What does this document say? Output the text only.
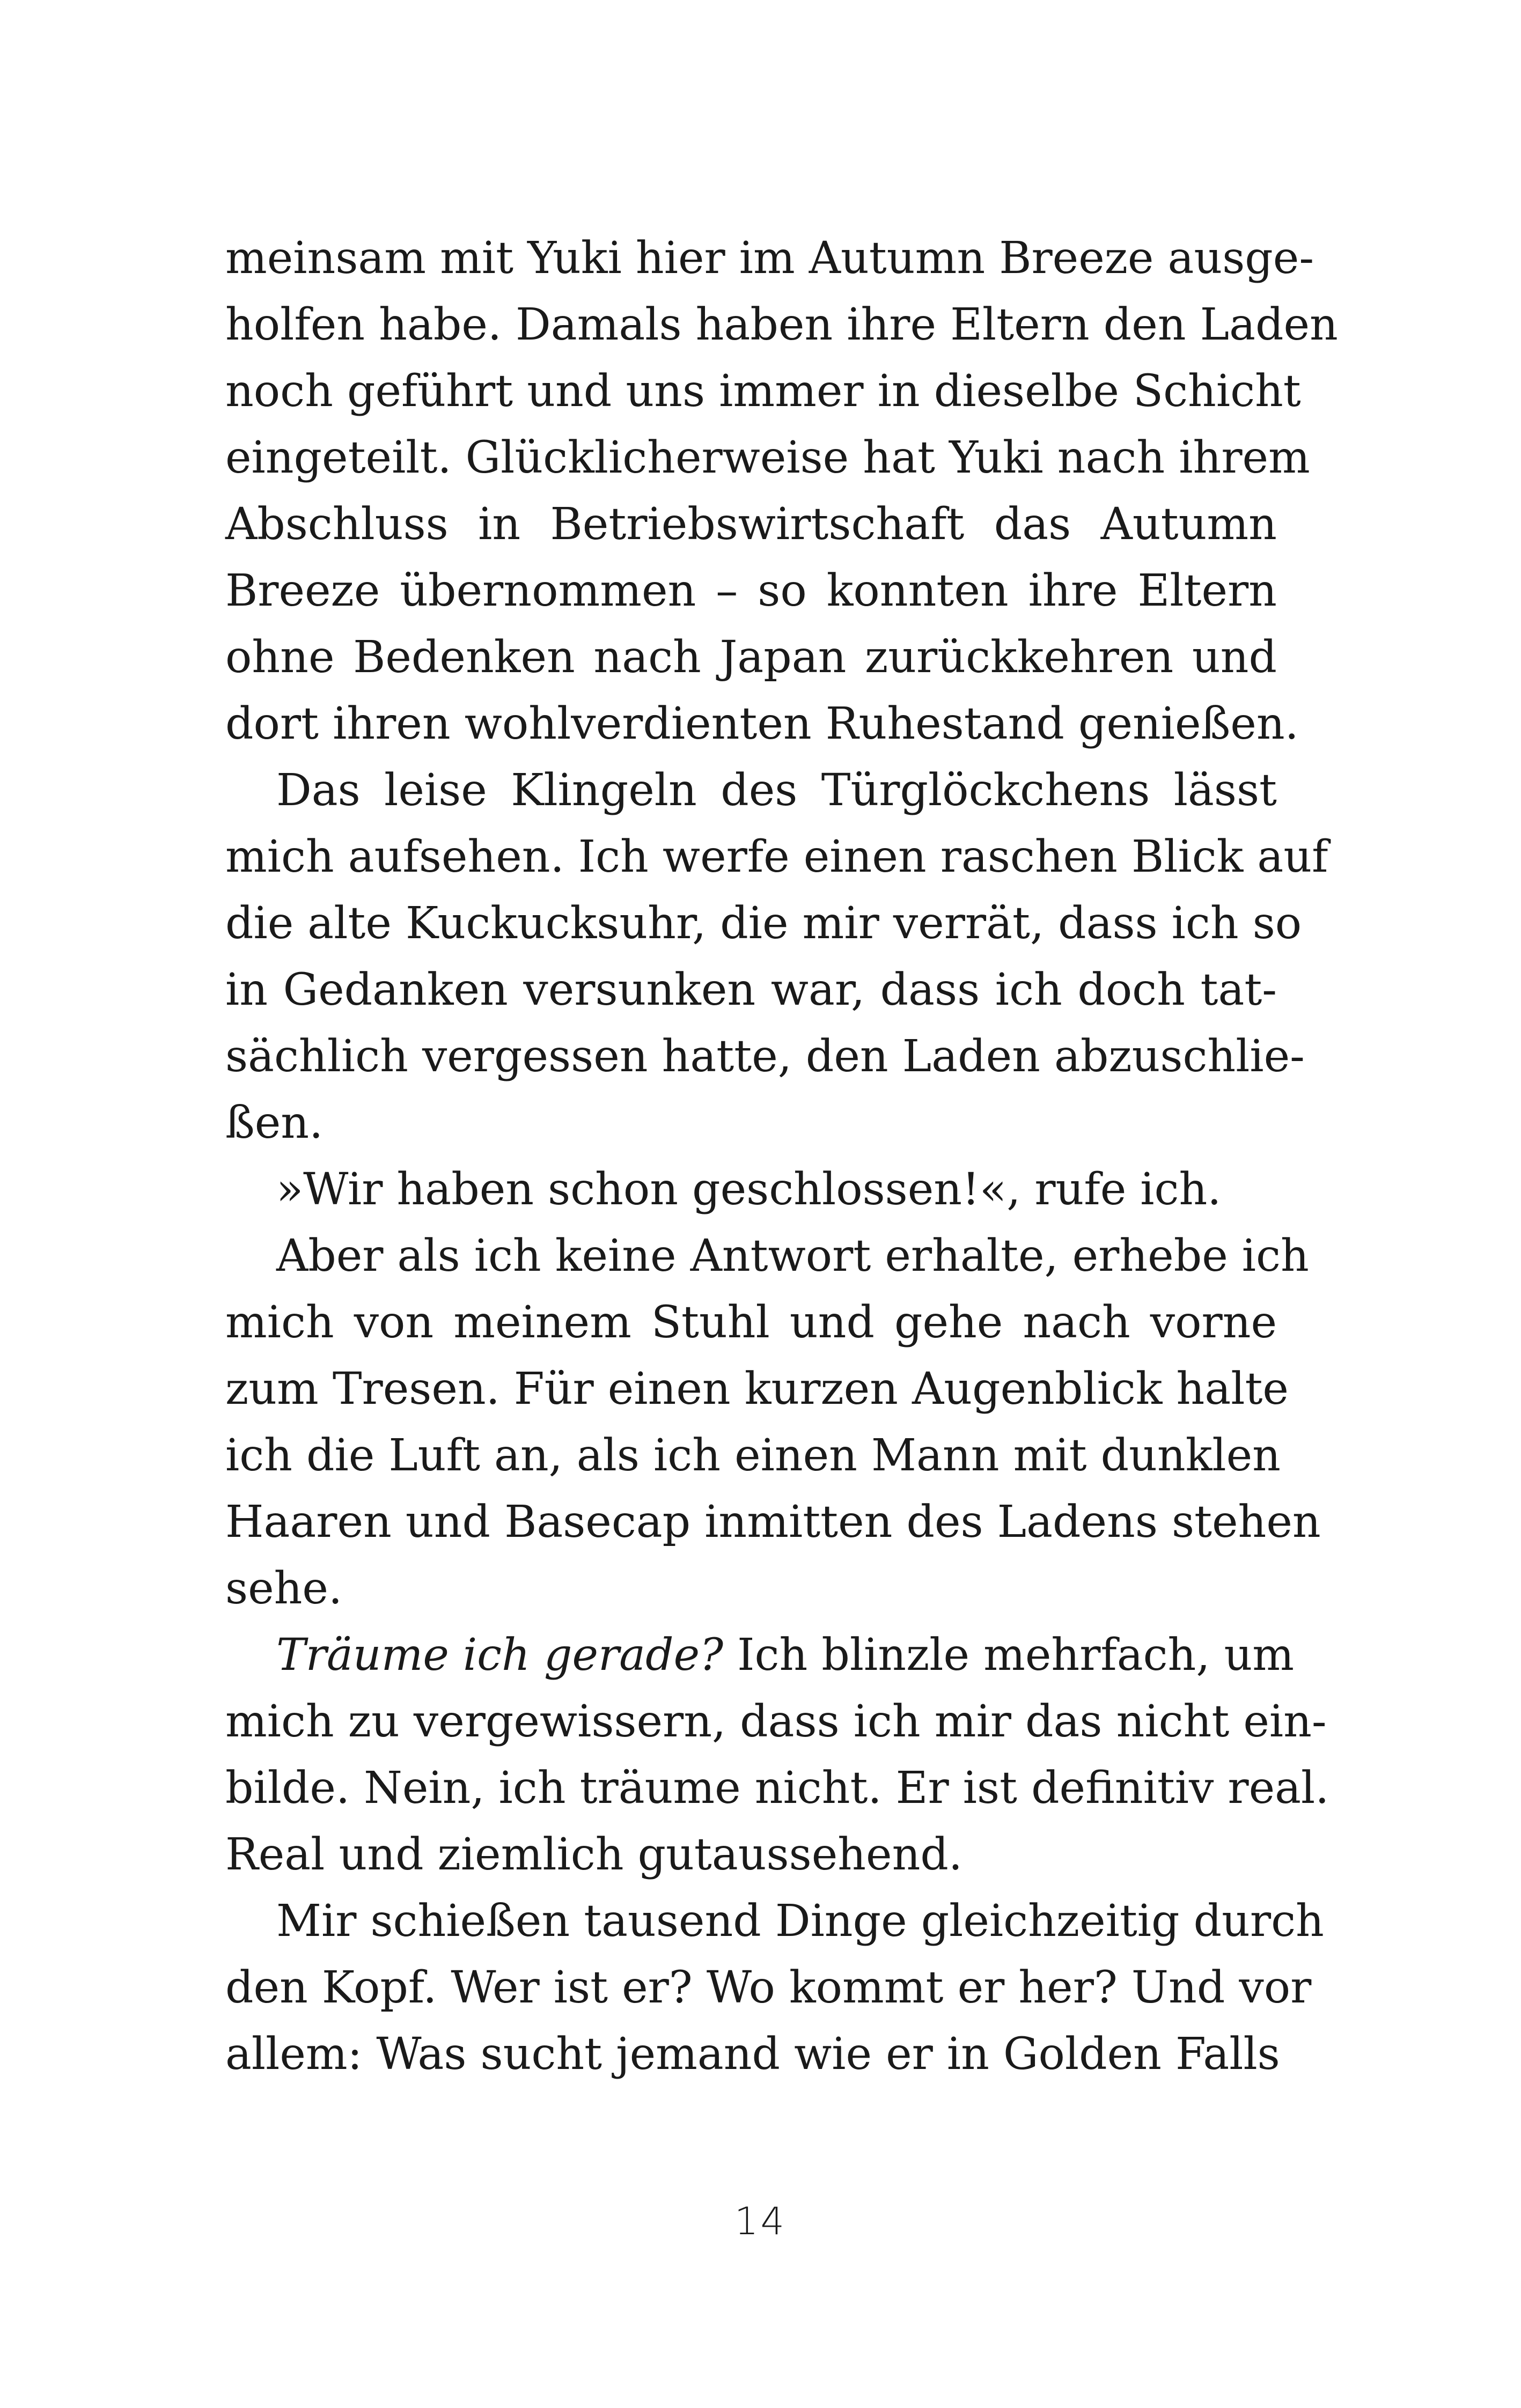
meinsam mit Yuki hier im Autumn Breeze ausge-
holfen habe. Damals haben ihre Eltern den Laden
noch geführt und uns immer in dieselbe Schicht
eingeteilt. Glücklicherweise hat Yuki nach ihrem
Abschluss in Betriebswirtschaft das Autumn
Breeze übernommen – so konnten ihre Eltern
ohne Bedenken nach Japan zurückkehren und
dort ihren wohlverdienten Ruhestand genießen.
Das leise Klingeln des Türglöckchens lässt
mich aufsehen. Ich werfe einen raschen Blick auf
die alte Kuckucksuhr, die mir verrät, dass ich so
in Gedanken versunken war, dass ich doch tat-
sächlich vergessen hatte, den Laden abzuschlie-
ßen.
»Wir haben schon geschlossen!«, rufe ich.
Aber als ich keine Antwort erhalte, erhebe ich
mich von meinem Stuhl und gehe nach vorne
zum Tresen. Für einen kurzen Augenblick halte
ich die Luft an, als ich einen Mann mit dunklen
Haaren und Basecap inmitten des Ladens stehen
sehe.
Träume ich gerade? Ich blinzle mehrfach, um
mich zu vergewissern, dass ich mir das nicht ein-
bilde. Nein, ich träume nicht. Er ist definitiv real.
Real und ziemlich gutaussehend.
Mir schießen tausend Dinge gleichzeitig durch
den Kopf. Wer ist er? Wo kommt er her? Und vor
allem: Was sucht jemand wie er in Golden Falls
14
